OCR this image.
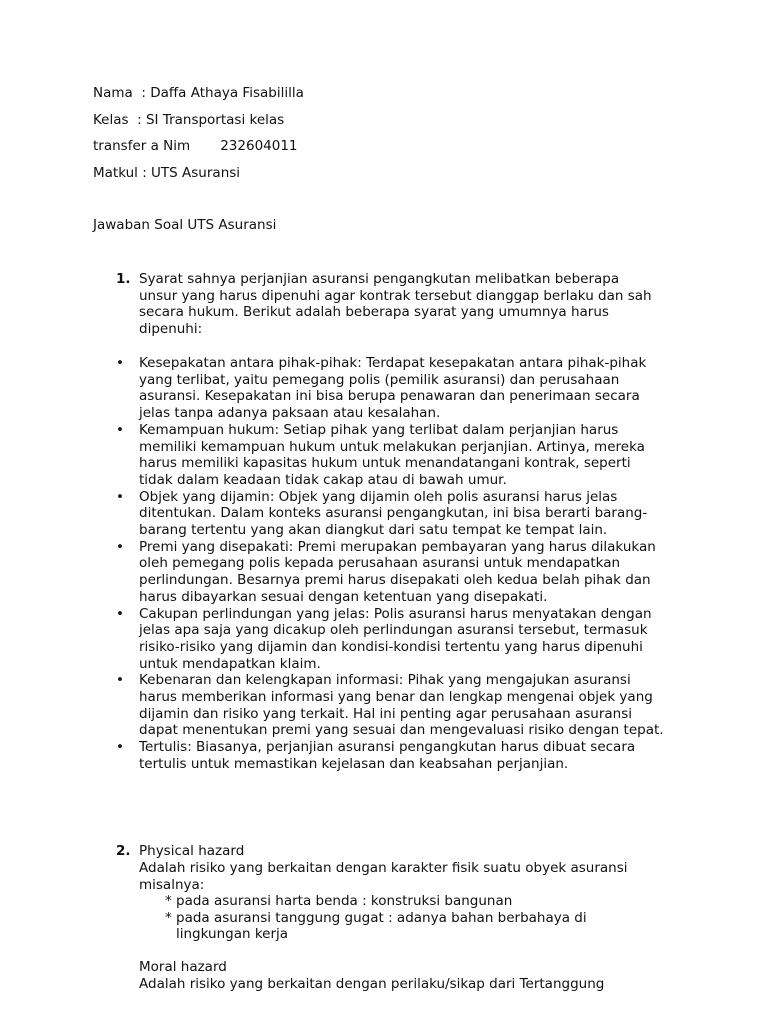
Nama  : Daffa Athaya Fisabililla
Kelas  : SI Transportasi kelas
transfer a Nim       232604011
Matkul : UTS Asuransi
Jawaban Soal UTS Asuransi
1. Syarat sahnya perjanjian asuransi pengangkutan melibatkan beberapa unsur yang harus dipenuhi agar kontrak tersebut dianggap berlaku dan sah secara hukum. Berikut adalah beberapa syarat yang umumnya harus dipenuhi:
•	Kesepakatan antara pihak-pihak: Terdapat kesepakatan antara pihak-pihak yang terlibat, yaitu pemegang polis (pemilik asuransi) dan perusahaan asuransi. Kesepakatan ini bisa berupa penawaran dan penerimaan secara jelas tanpa adanya paksaan atau kesalahan.
•	Kemampuan hukum: Setiap pihak yang terlibat dalam perjanjian harus memiliki kemampuan hukum untuk melakukan perjanjian. Artinya, mereka harus memiliki kapasitas hukum untuk menandatangani kontrak, seperti tidak dalam keadaan tidak cakap atau di bawah umur.
•	Objek yang dijamin: Objek yang dijamin oleh polis asuransi harus jelas ditentukan. Dalam konteks asuransi pengangkutan, ini bisa berarti barang-barang tertentu yang akan diangkut dari satu tempat ke tempat lain.
•	Premi yang disepakati: Premi merupakan pembayaran yang harus dilakukan oleh pemegang polis kepada perusahaan asuransi untuk mendapatkan perlindungan. Besarnya premi harus disepakati oleh kedua belah pihak dan harus dibayarkan sesuai dengan ketentuan yang disepakati.
•	Cakupan perlindungan yang jelas: Polis asuransi harus menyatakan dengan jelas apa saja yang dicakup oleh perlindungan asuransi tersebut, termasuk risiko-risiko yang dijamin dan kondisi-kondisi tertentu yang harus dipenuhi untuk mendapatkan klaim.
•	Kebenaran dan kelengkapan informasi: Pihak yang mengajukan asuransi harus memberikan informasi yang benar dan lengkap mengenai objek yang dijamin dan risiko yang terkait. Hal ini penting agar perusahaan asuransi dapat menentukan premi yang sesuai dan mengevaluasi risiko dengan tepat.
•	Tertulis: Biasanya, perjanjian asuransi pengangkutan harus dibuat secara tertulis untuk memastikan kejelasan dan keabsahan perjanjian.
2. Physical hazard
Adalah risiko yang berkaitan dengan karakter fisik suatu obyek asuransi misalnya:
* pada asuransi harta benda : konstruksi bangunan
* pada asuransi tanggung gugat : adanya bahan berbahaya di lingkungan kerja
Moral hazard
Adalah risiko yang berkaitan dengan perilaku/sikap dari Tertanggung
